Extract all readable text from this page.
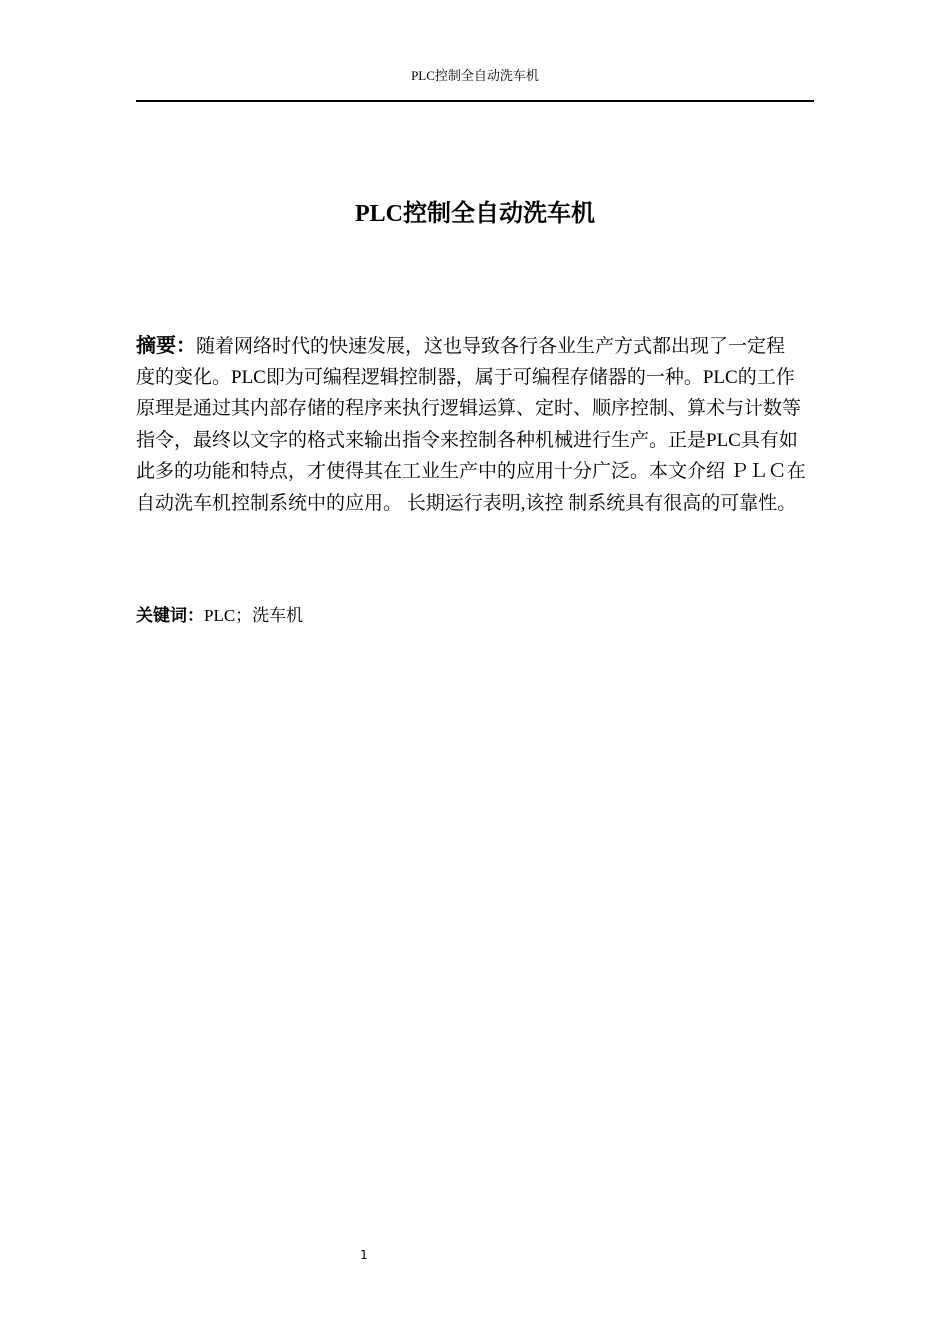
PLC控制全自动洗车机
PLC控制全自动洗车机
摘要：随着网络时代的快速发展，这也导致各行各业生产方式都出现了一定程
度的变化。PLC即为可编程逻辑控制器，属于可编程存储器的一种。PLC的工作
原理是通过其内部存储的程序来执行逻辑运算、定时、顺序控制、算术与计数等
指令，最终以文字的格式来输出指令来控制各种机械进行生产。正是PLC具有如
此多的功能和特点，才使得其在工业生产中的应用十分广泛。本文介绍 ＰＬＣ在
自动洗车机控制系统中的应用。 长期运行表明,该控 制系统具有很高的可靠性。
关键词：PLC；洗车机
1
